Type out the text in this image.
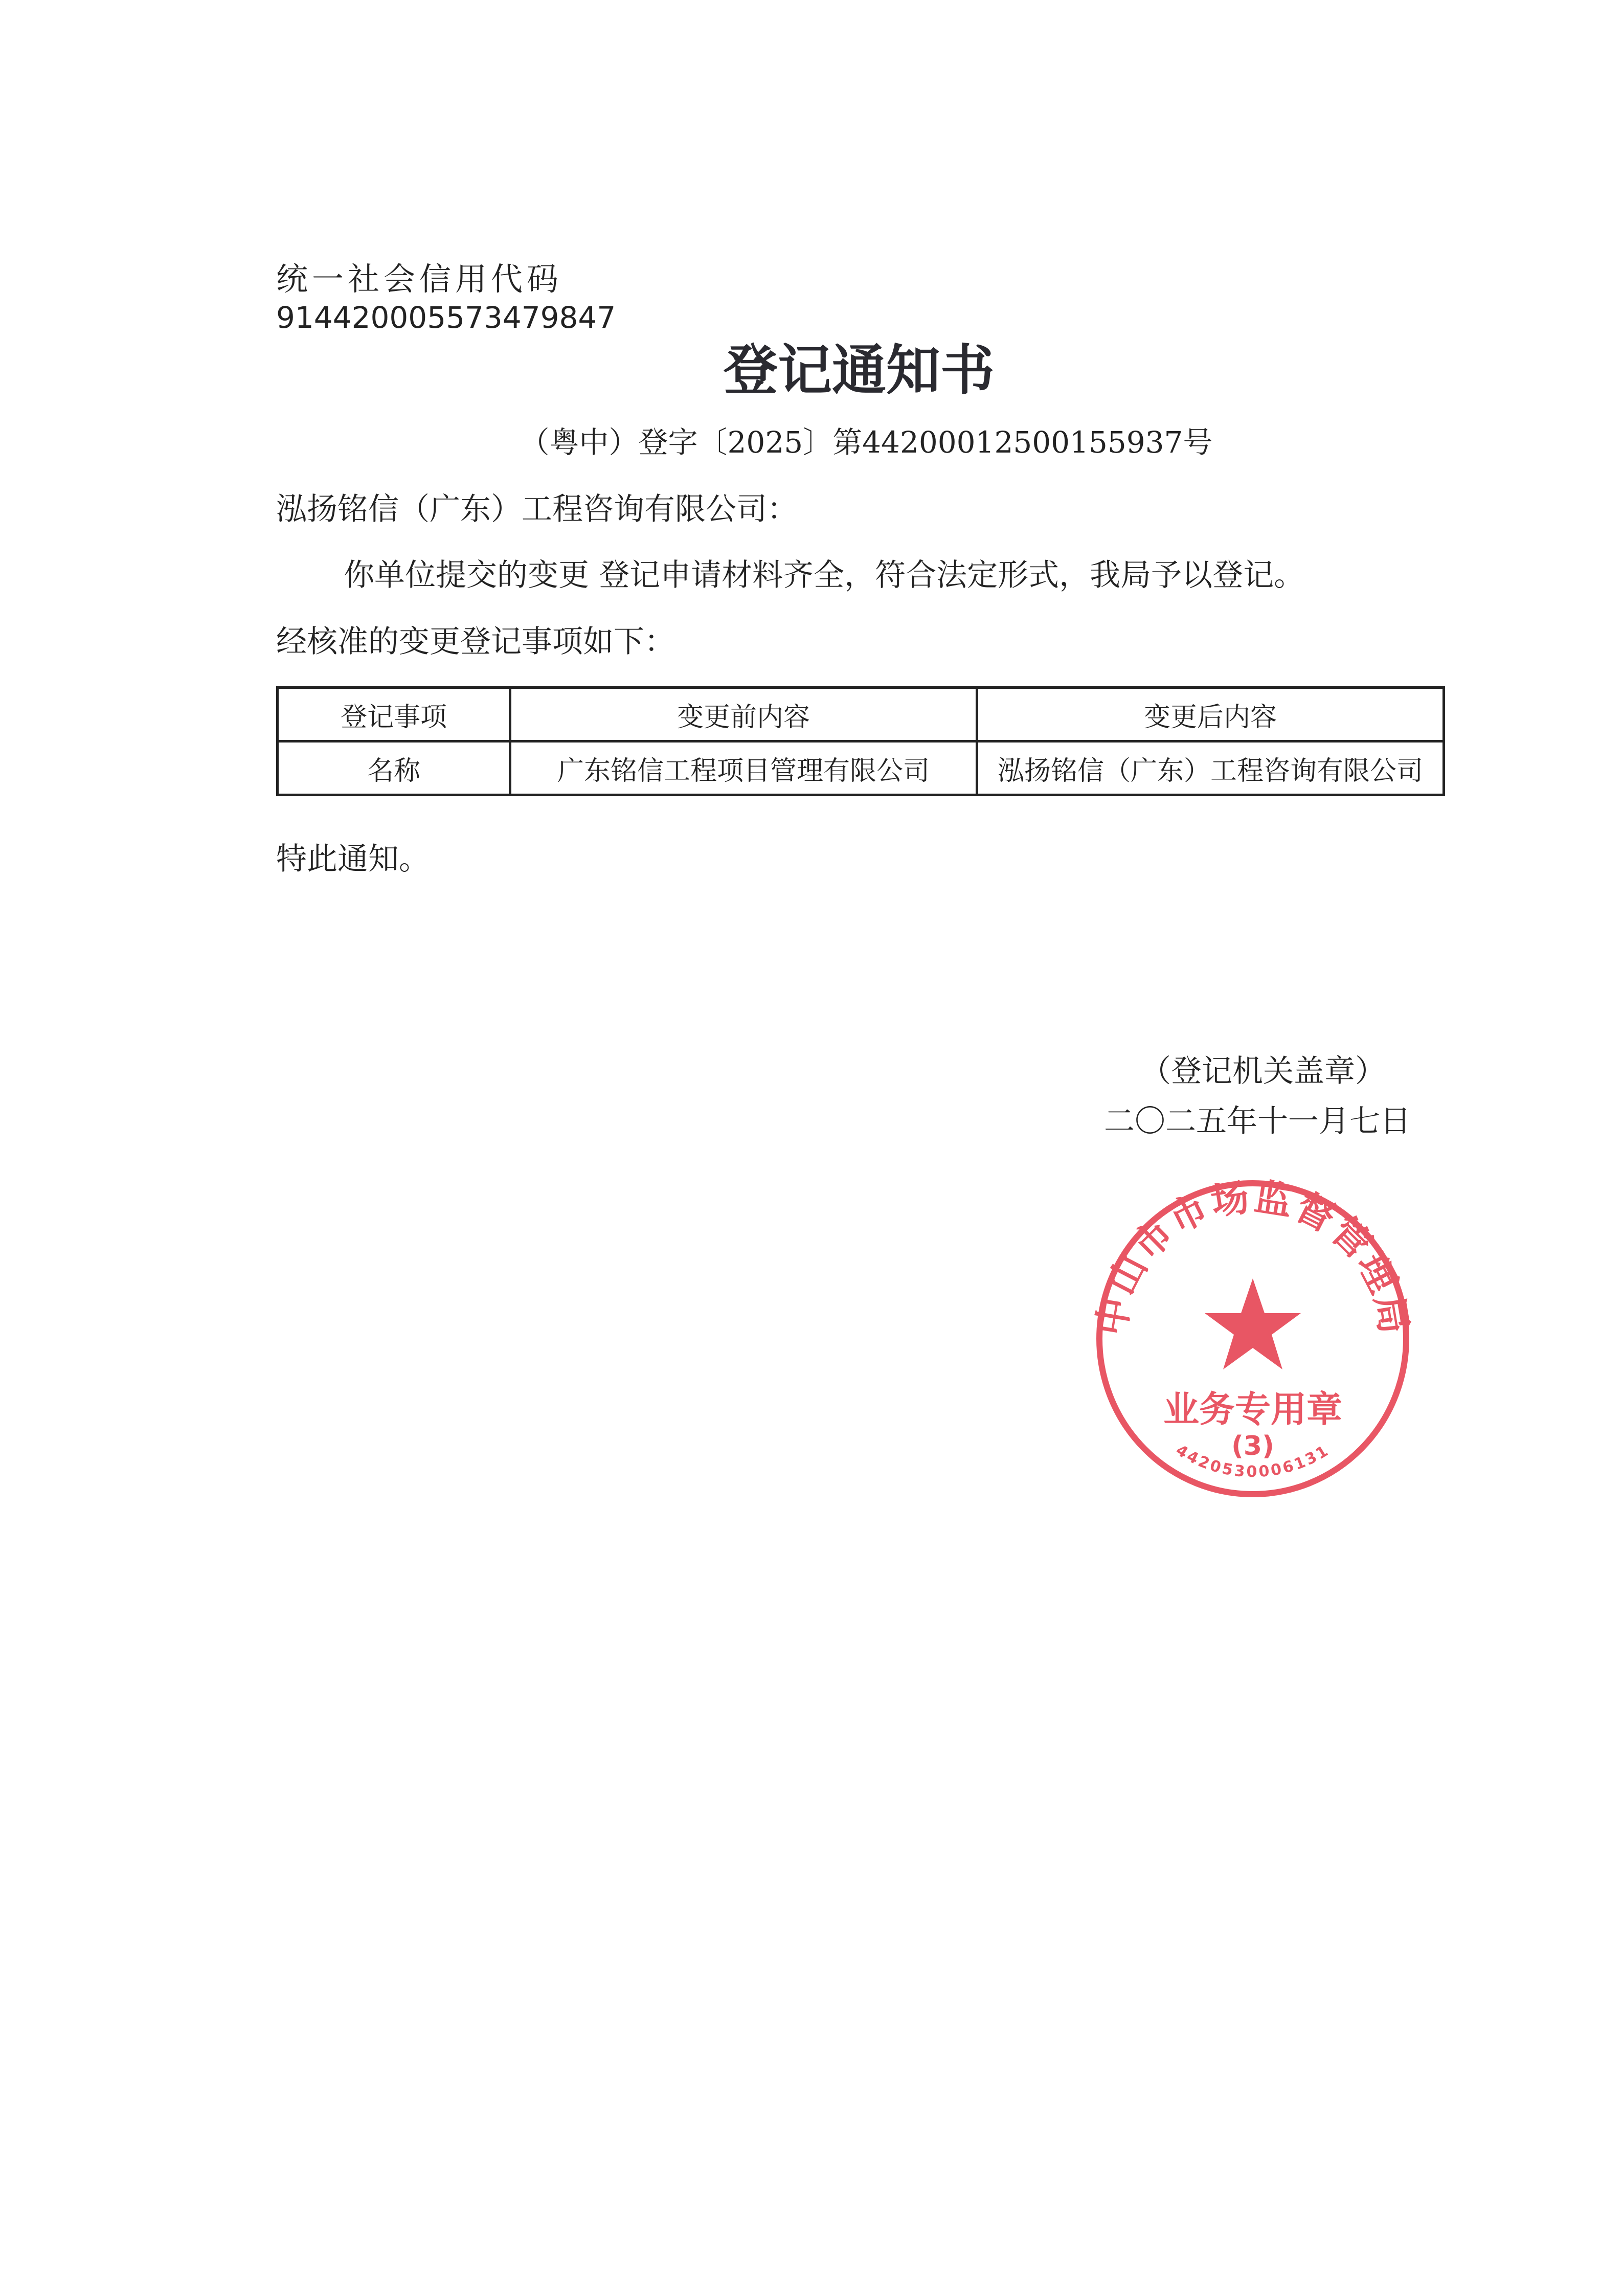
统一社会信用代码
914420005573479847
登记通知书
（粤中）登字〔2025〕第44200012500155937号
泓扬铭信（广东）工程咨询有限公司：
你单位提交的变更 登记申请材料齐全，符合法定形式，我局予以登记。
经核准的变更登记事项如下：
登记事项	变更前内容	变更后内容
名称	广东铭信工程项目管理有限公司	泓扬铭信（广东）工程咨询有限公司
特此通知。
（登记机关盖章）
二〇二五年十一月七日
中山市市场监督管理局
业务专用章
(3)
4420530006131
